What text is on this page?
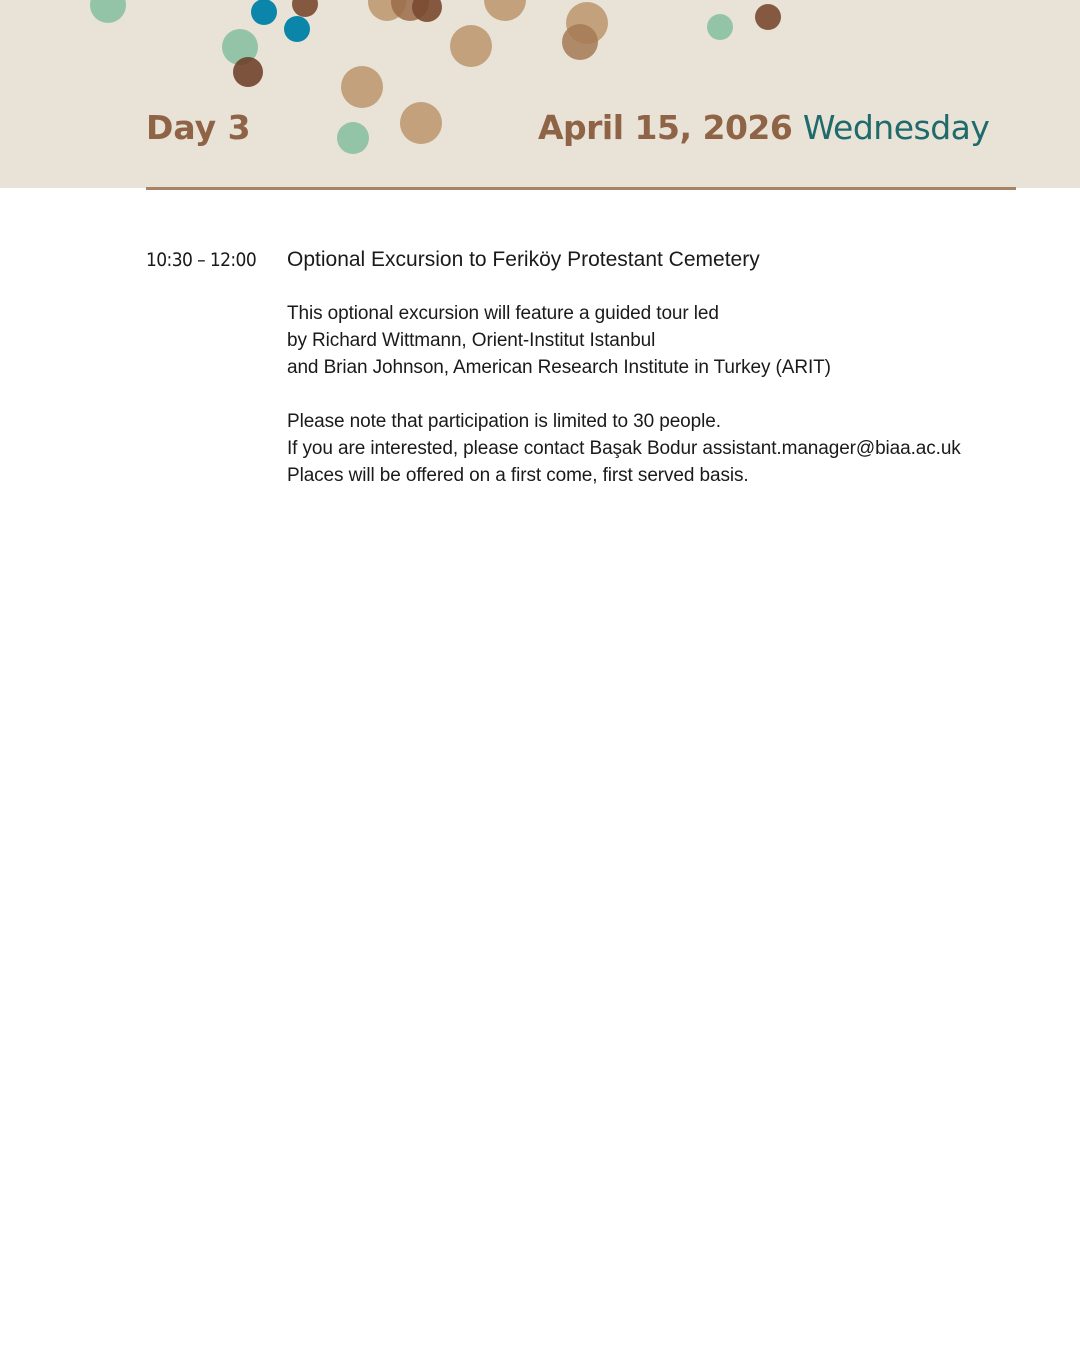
Day 3	April 15, 2026 Wednesday
10:30 – 12:00 Optional Excursion to Feriköy Protestant Cemetery
This optional excursion will feature a guided tour led
by Richard Wittmann, Orient-Institut Istanbul
and Brian Johnson, American Research Institute in Turkey (ARIT)
Please note that participation is limited to 30 people.
If you are interested, please contact Başak Bodur assistant.manager@biaa.ac.uk
Places will be offered on a first come, first served basis.
